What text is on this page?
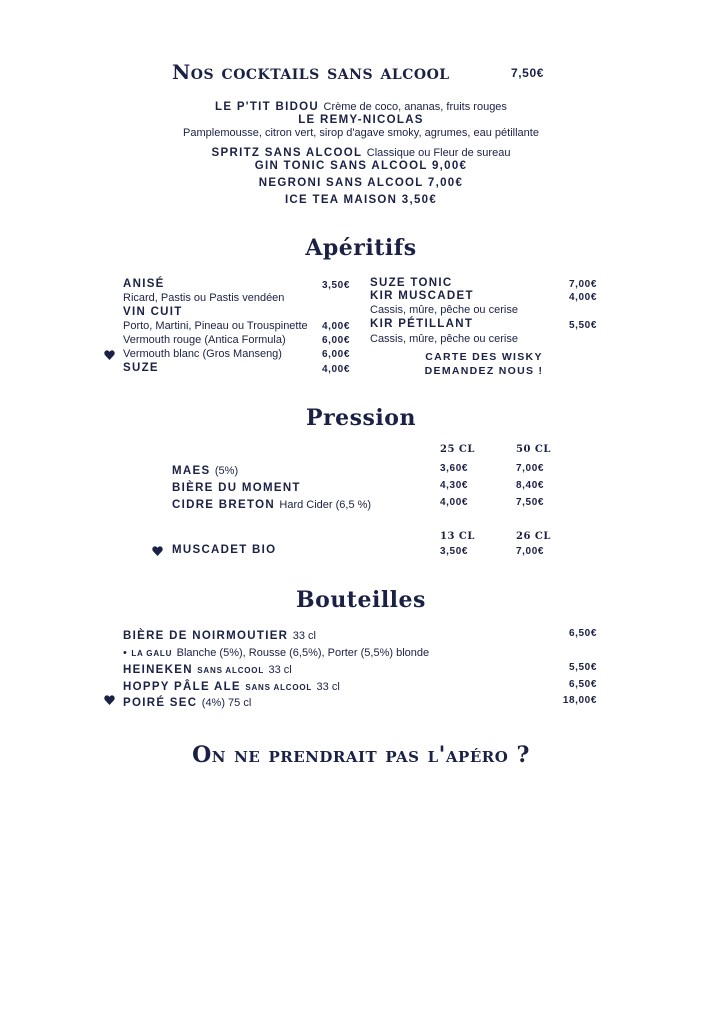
Nos cocktails sans alcool	7,50€
LE P'TIT BIDOU Crème de coco, ananas, fruits rouges
LE REMY-NICOLAS
Pamplemousse, citron vert, sirop d'agave smoky, agrumes, eau pétillante
SPRITZ SANS ALCOOL Classique ou Fleur de sureau
GIN TONIC SANS ALCOOL 9,00€
NEGRONI SANS ALCOOL 7,00€
ICE TEA MAISON 3,50€
Apéritifs
ANISÉ	3,50€
Ricard, Pastis ou Pastis vendéen
VIN CUIT
Porto, Martini, Pineau ou Trouspinette	4,00€
Vermouth rouge (Antica Formula)	6,00€
Vermouth blanc (Gros Manseng)	6,00€
SUZE	4,00€
SUZE TONIC	7,00€
KIR MUSCADET	4,00€
Cassis, mûre, pêche ou cerise
KIR PÉTILLANT	5,50€
Cassis, mûre, pêche ou cerise
CARTE DES WISKY
DEMANDEZ NOUS !
Pression
25 CL	50 CL
MAES (5%)	3,60€	7,00€
BIÈRE DU MOMENT	4,30€	8,40€
CIDRE BRETON Hard Cider (6,5 %)	4,00€	7,50€
13 CL	26 CL
MUSCADET BIO	3,50€	7,00€
Bouteilles
BIÈRE DE NOIRMOUTIER 33 cl	6,50€
• LA GALU Blanche (5%), Rousse (6,5%), Porter (5,5%) blonde
HEINEKEN SANS ALCOOL 33 cl	5,50€
HOPPY PÂLE ALE SANS ALCOOL 33 cl	6,50€
POIRÉ SEC (4%) 75 cl	18,00€
On ne prendrait pas l'apéro ?
